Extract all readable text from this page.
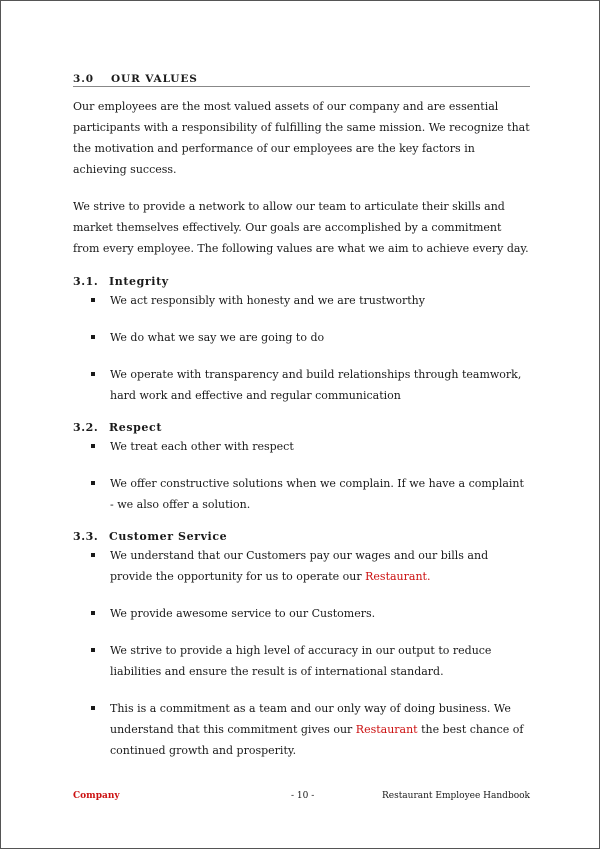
3.0 OUR VALUES

Our employees are the most valued assets of our company and are essential participants with a responsibility of fulfilling the same mission. We recognize that the motivation and performance of our employees are the key factors in achieving success.

We strive to provide a network to allow our team to articulate their skills and market themselves effectively. Our goals are accomplished by a commitment from every employee. The following values are what we aim to achieve every day.

3.1. Integrity
We act responsibly with honesty and we are trustworthy
We do what we say we are going to do
We operate with transparency and build relationships through teamwork, hard work and effective and regular communication
3.2. Respect
We treat each other with respect
We offer constructive solutions when we complain. If we have a complaint - we also offer a solution.
3.3. Customer Service
We understand that our Customers pay our wages and our bills and provide the opportunity for us to operate our Restaurant.
We provide awesome service to our Customers.
We strive to provide a high level of accuracy in our output to reduce liabilities and ensure the result is of international standard.
This is a commitment as a team and our only way of doing business. We understand that this commitment gives our Restaurant the best chance of continued growth and prosperity.
Company	- 10 -	Restaurant Employee Handbook
